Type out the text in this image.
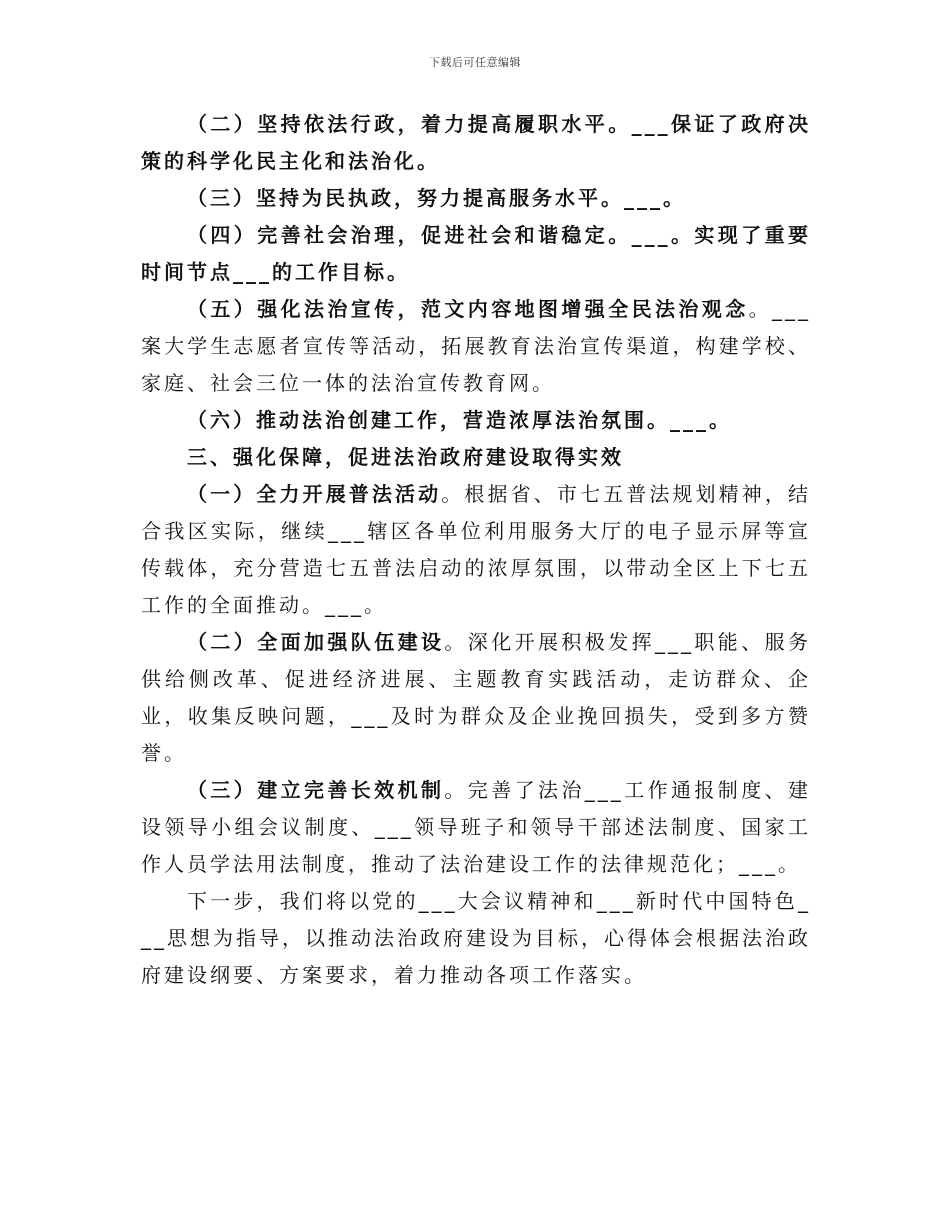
下载后可任意编辑

（二）坚持依法行政，着力提高履职水平。___保证了政府决策的科学化民主化和法治化。

（三）坚持为民执政，努力提高服务水平。___。

（四）完善社会治理，促进社会和谐稳定。___。实现了重要时间节点___的工作目标。

（五）强化法治宣传，范文内容地图增强全民法治观念。___案大学生志愿者宣传等活动，拓展教育法治宣传渠道，构建学校、家庭、社会三位一体的法治宣传教育网。

（六）推动法治创建工作，营造浓厚法治氛围。___。

三、强化保障，促进法治政府建设取得实效

（一）全力开展普法活动。根据省、市七五普法规划精神，结合我区实际，继续___辖区各单位利用服务大厅的电子显示屏等宣传载体，充分营造七五普法启动的浓厚氛围，以带动全区上下七五工作的全面推动。___。

（二）全面加强队伍建设。深化开展积极发挥___职能、服务供给侧改革、促进经济进展、主题教育实践活动，走访群众、企业，收集反映问题，___及时为群众及企业挽回损失，受到多方赞誉。

（三）建立完善长效机制。完善了法治___工作通报制度、建设领导小组会议制度、___领导班子和领导干部述法制度、国家工作人员学法用法制度，推动了法治建设工作的法律规范化；___。

下一步，我们将以党的___大会议精神和___新时代中国特色___思想为指导，以推动法治政府建设为目标，心得体会根据法治政府建设纲要、方案要求，着力推动各项工作落实。
